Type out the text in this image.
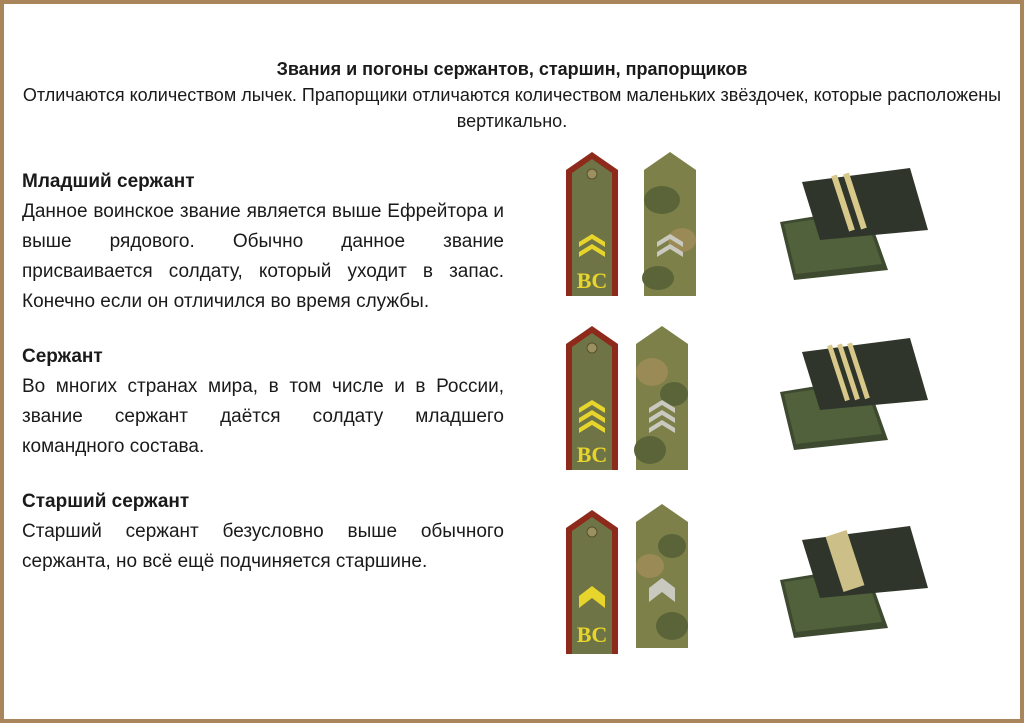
Звания и погоны сержантов, старшин, прапорщиков
Отличаются количеством лычек. Прапорщики отличаются количеством маленьких звёздочек, которые расположены вертикально.
Младший сержант
Данное воинское звание является выше Ефрейтора и выше рядового. Обычно данное звание присваивается солдату, который уходит в запас. Конечно если он отличился во время службы.
Сержант
Во многих странах мира, в том числе и в России, звание сержант даётся солдату младшего командного состава.
Старший сержант
Старший сержант безусловно выше обычного сержанта, но всё ещё подчиняется старшине.
ВС
ВС
ВС
